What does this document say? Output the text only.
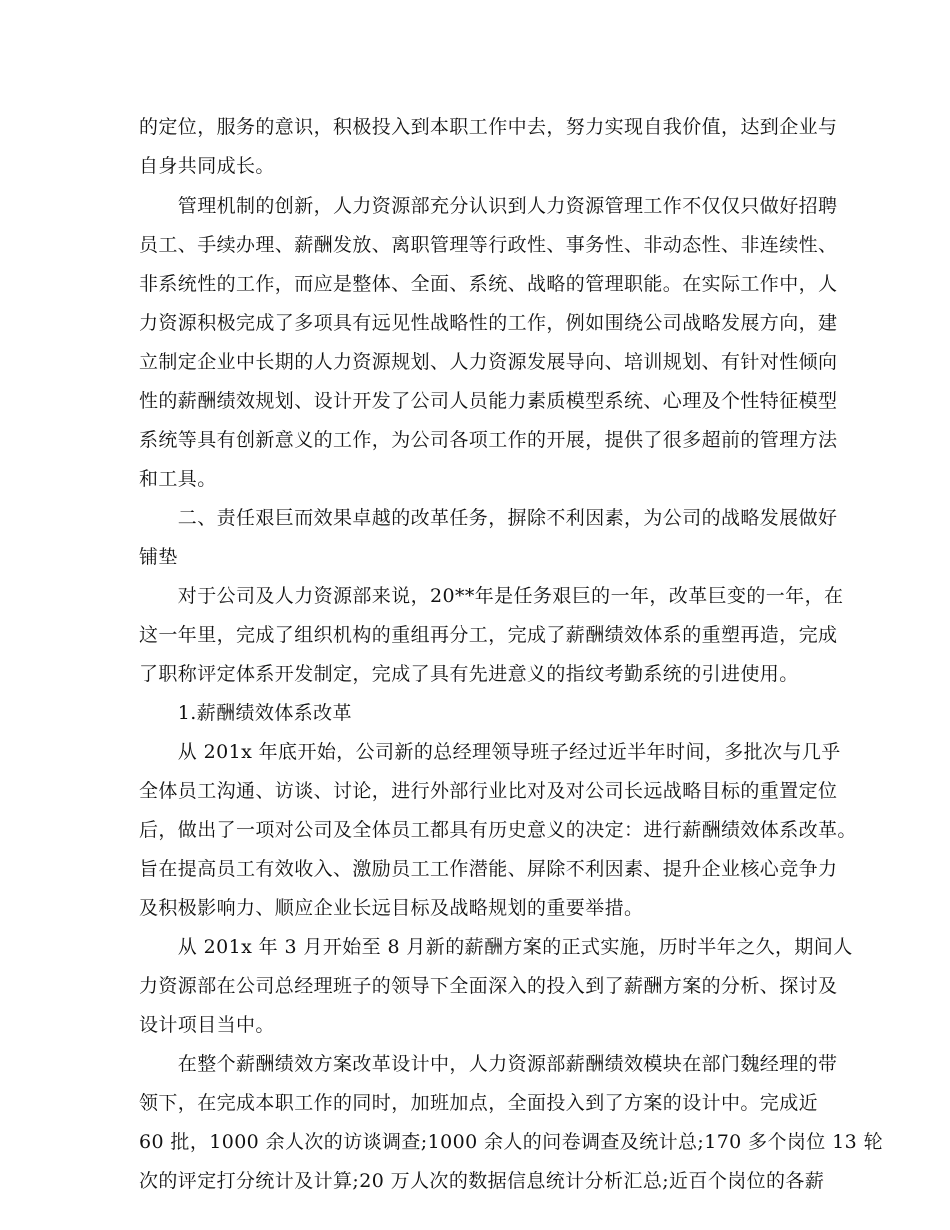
的定位，服务的意识，积极投入到本职工作中去，努力实现自我价值，达到企业与
自身共同成长。
　　管理机制的创新，人力资源部充分认识到人力资源管理工作不仅仅只做好招聘
员工、手续办理、薪酬发放、离职管理等行政性、事务性、非动态性、非连续性、
非系统性的工作，而应是整体、全面、系统、战略的管理职能。在实际工作中，人
力资源积极完成了多项具有远见性战略性的工作，例如围绕公司战略发展方向，建
立制定企业中长期的人力资源规划、人力资源发展导向、培训规划、有针对性倾向
性的薪酬绩效规划、设计开发了公司人员能力素质模型系统、心理及个性特征模型
系统等具有创新意义的工作，为公司各项工作的开展，提供了很多超前的管理方法
和工具。
　　二、责任艰巨而效果卓越的改革任务，摒除不利因素，为公司的战略发展做好
铺垫
　　对于公司及人力资源部来说，20**年是任务艰巨的一年，改革巨变的一年，在
这一年里，完成了组织机构的重组再分工，完成了薪酬绩效体系的重塑再造，完成
了职称评定体系开发制定，完成了具有先进意义的指纹考勤系统的引进使用。
　　1.薪酬绩效体系改革
　　从 201x 年底开始，公司新的总经理领导班子经过近半年时间，多批次与几乎
全体员工沟通、访谈、讨论，进行外部行业比对及对公司长远战略目标的重置定位
后，做出了一项对公司及全体员工都具有历史意义的决定：进行薪酬绩效体系改革。
旨在提高员工有效收入、激励员工工作潜能、屏除不利因素、提升企业核心竞争力
及积极影响力、顺应企业长远目标及战略规划的重要举措。
　　从 201x 年 3 月开始至 8 月新的薪酬方案的正式实施，历时半年之久，期间人
力资源部在公司总经理班子的领导下全面深入的投入到了薪酬方案的分析、探讨及
设计项目当中。
　　在整个薪酬绩效方案改革设计中，人力资源部薪酬绩效模块在部门魏经理的带
领下，在完成本职工作的同时，加班加点，全面投入到了方案的设计中。完成近
60 批，1000 余人次的访谈调查;1000 余人的问卷调查及统计总;170 多个岗位 13 轮
次的评定打分统计及计算;20 万人次的数据信息统计分析汇总;近百个岗位的各薪
